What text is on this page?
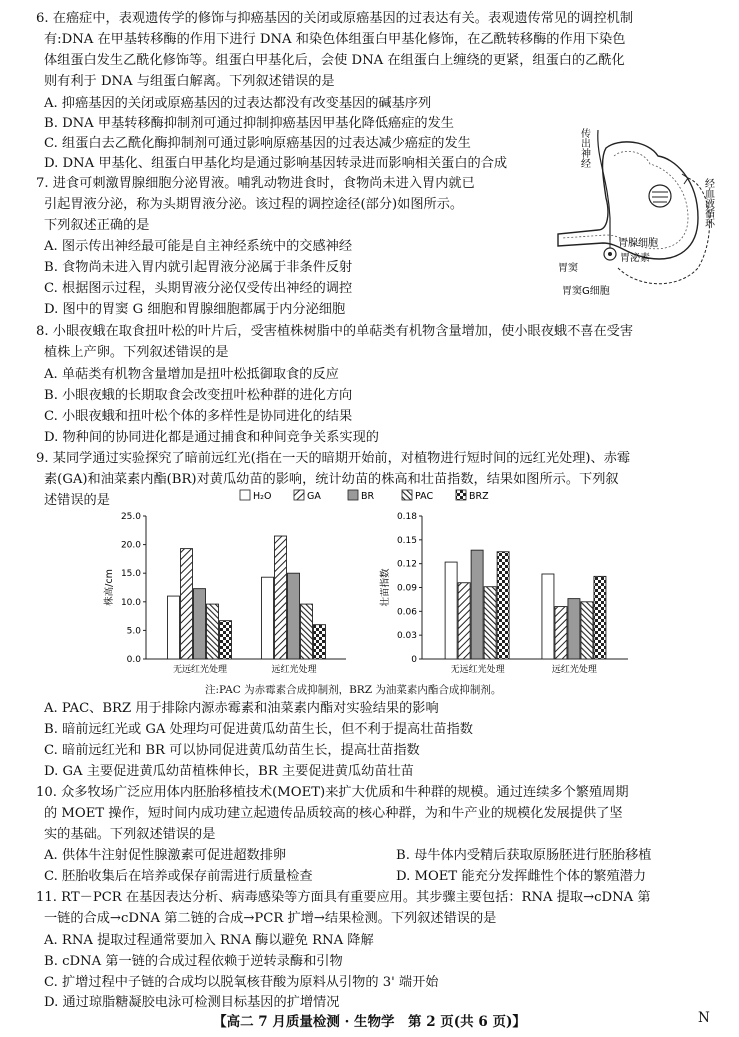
6. 在癌症中，表观遗传学的修饰与抑癌基因的关闭或原癌基因的过表达有关。表观遗传常见的调控机制
有:DNA 在甲基转移酶的作用下进行 DNA 和染色体组蛋白甲基化修饰，在乙酰转移酶的作用下染色
体组蛋白发生乙酰化修饰等。组蛋白甲基化后，会使 DNA 在组蛋白上缠绕的更紧，组蛋白的乙酰化
则有利于 DNA 与组蛋白解离。下列叙述错误的是
A. 抑癌基因的关闭或原癌基因的过表达都没有改变基因的碱基序列
B. DNA 甲基转移酶抑制剂可通过抑制抑癌基因甲基化降低癌症的发生
C. 组蛋白去乙酰化酶抑制剂可通过影响原癌基因的过表达减少癌症的发生
D. DNA 甲基化、组蛋白甲基化均是通过影响基因转录进而影响相关蛋白的合成
7. 进食可刺激胃腺细胞分泌胃液。哺乳动物进食时，食物尚未进入胃内就已
引起胃液分泌，称为头期胃液分泌。该过程的调控途径(部分)如图所示。
下列叙述正确的是
A. 图示传出神经最可能是自主神经系统中的交感神经
B. 食物尚未进入胃内就引起胃液分泌属于非条件反射
C. 根据图示过程，头期胃液分泌仅受传出神经的调控
D. 图中的胃窦 G 细胞和胃腺细胞都属于内分泌细胞
传出神经
胃腺细胞
胃泌素
胃窦
胃窦G细胞
经血液循环
8. 小眼夜蛾在取食扭叶松的叶片后，受害植株树脂中的单萜类有机物含量增加，使小眼夜蛾不喜在受害
植株上产卵。下列叙述错误的是
A. 单萜类有机物含量增加是扭叶松抵御取食的反应
B. 小眼夜蛾的长期取食会改变扭叶松种群的进化方向
C. 小眼夜蛾和扭叶松个体的多样性是协同进化的结果
D. 物种间的协同进化都是通过捕食和种间竞争关系实现的
9. 某同学通过实验探究了暗前远红光(指在一天的暗期开始前，对植物进行短时间的远红光处理)、赤霉
素(GA)和油菜素内酯(BR)对黄瓜幼苗的影响，统计幼苗的株高和壮苗指数，结果如图所示。下列叙
述错误的是	H₂O	GA	BR	PAC	BRZ
0.0
5.0
10.0
15.0
20.0
25.0
株高/cm
无远红光处理	远红光处理
0
0.03
0.06
0.09
0.12
0.15
0.18
壮苗指数
无远红光处理	远红光处理
注:PAC 为赤霉素合成抑制剂，BRZ 为油菜素内酯合成抑制剂。
A. PAC、BRZ 用于排除内源赤霉素和油菜素内酯对实验结果的影响
B. 暗前远红光或 GA 处理均可促进黄瓜幼苗生长，但不利于提高壮苗指数
C. 暗前远红光和 BR 可以协同促进黄瓜幼苗生长，提高壮苗指数
D. GA 主要促进黄瓜幼苗植株伸长，BR 主要促进黄瓜幼苗壮苗
10. 众多牧场广泛应用体内胚胎移植技术(MOET)来扩大优质和牛种群的规模。通过连续多个繁殖周期
的 MOET 操作，短时间内成功建立起遗传品质较高的核心种群，为和牛产业的规模化发展提供了坚
实的基础。下列叙述错误的是
A. 供体牛注射促性腺激素可促进超数排卵	B. 母牛体内受精后获取原肠胚进行胚胎移植
C. 胚胎收集后在培养或保存前需进行质量检查	D. MOET 能充分发挥雌性个体的繁殖潜力
11. RT－PCR 在基因表达分析、病毒感染等方面具有重要应用。其步骤主要包括：RNA 提取→cDNA 第
一链的合成→cDNA 第二链的合成→PCR 扩增→结果检测。下列叙述错误的是
A. RNA 提取过程通常要加入 RNA 酶以避免 RNA 降解
B. cDNA 第一链的合成过程依赖于逆转录酶和引物
C. 扩增过程中子链的合成均以脱氧核苷酸为原料从引物的 3' 端开始
D. 通过琼脂糖凝胶电泳可检测目标基因的扩增情况
【高二 7 月质量检测 · 生物学　第 2 页(共 6 页)】	N
